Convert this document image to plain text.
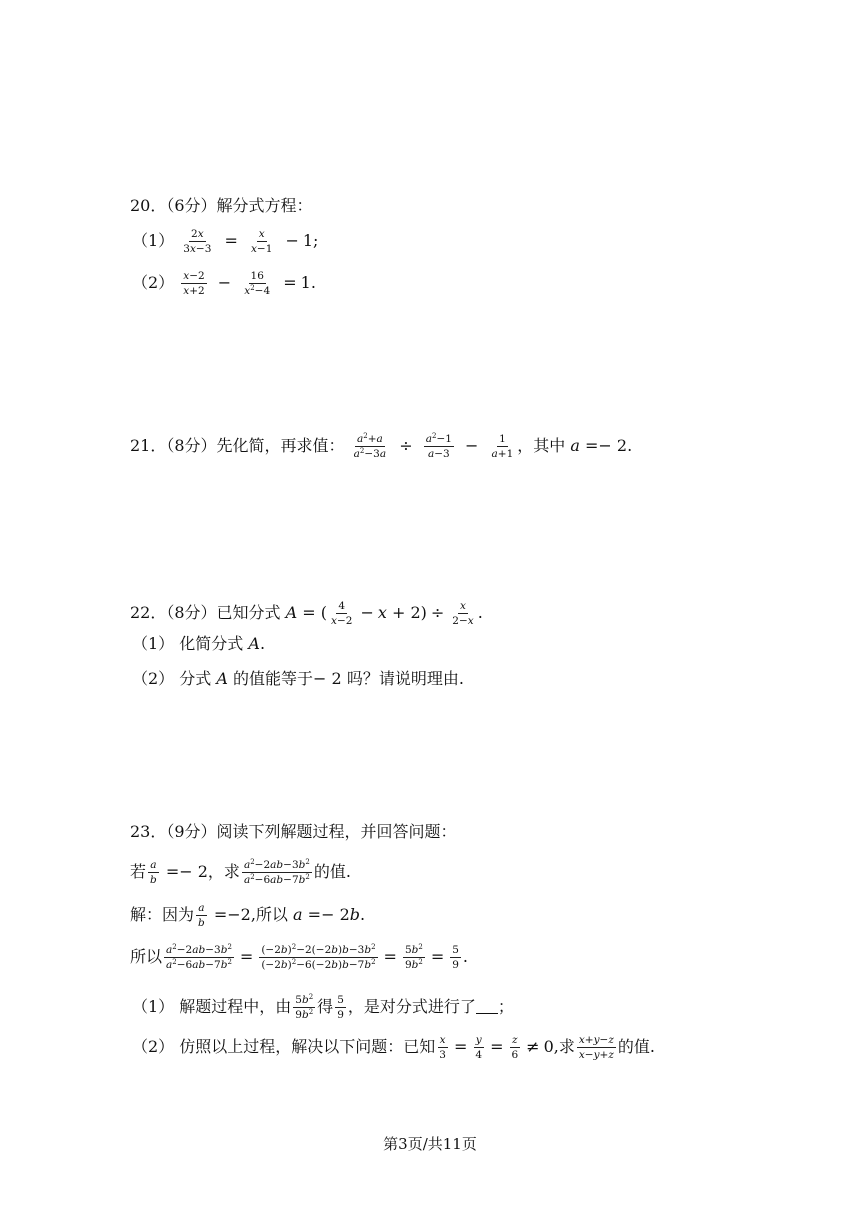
20．（6分）解分式方程：
$(1) \frac{2x}{3x-3} = \frac{x}{x-1} - 1$;
$(2) \frac{x-2}{x+2} - \frac{16}{x^2-4} = 1$.
21．（8分）先化简，再求值： $\frac{a^2+a}{a^2-3a} \div \frac{a^2-1}{a-3} - \frac{1}{a+1}$ ，其中 a =− 2.
22．（8分）已知分式 A = ( $\frac{4}{x-2} - x + 2) \div \frac{x}{2-x}$ .
（1） 化简分式 A.
（2） 分式 A 的值能等于− 2 吗？请说明理由.
23．（9分）阅读下列解题过程，并回答问题：
若 $\frac{a}{b} =- 2$，求 $\frac{a^2-2ab-3b^2}{a^2-6ab-7b^2}$ 的值.
解：因为 $\frac{a}{b} =-2$,所以 a =− 2b.
所以 $\frac{a^2-2ab-3b^2}{a^2-6ab-7b^2} = \frac{(-2b)^2-2(-2b)b-3b^2}{(-2b)^2-6(-2b)b-7b^2} = \frac{5b^2}{9b^2} = \frac{5}{9}$ .
（1） 解题过程中，由 $\frac{5b^2}{9b^2}$ 得 $\frac{5}{9}$ ，是对分式进行了 ；
（2） 仿照以上过程，解决以下问题：已知 $\frac{x}{3} = \frac{y}{4} = \frac{z}{6} \ne 0$,求 $\frac{x+y-z}{x-y+z}$ 的值.
第3页/共11页
